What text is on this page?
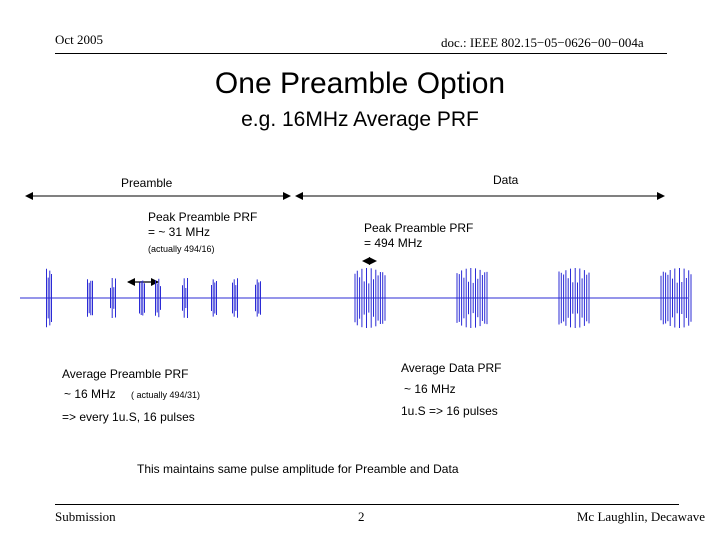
Oct 2005	doc.: IEEE 802.15−05−0626−00−004a
One Preamble Option
e.g. 16MHz Average PRF
Preamble	Data
Peak Preamble PRF
= ~ 31 MHz
(actually 494/16)
Peak Preamble PRF
= 494 MHz
Average Preamble PRF
~ 16 MHz ( actually 494/31)
=> every 1u.S, 16 pulses
Average Data PRF
~ 16 MHz
1u.S => 16 pulses
This maintains same pulse amplitude for Preamble and Data
Submission	2	Mc Laughlin, Decawave
